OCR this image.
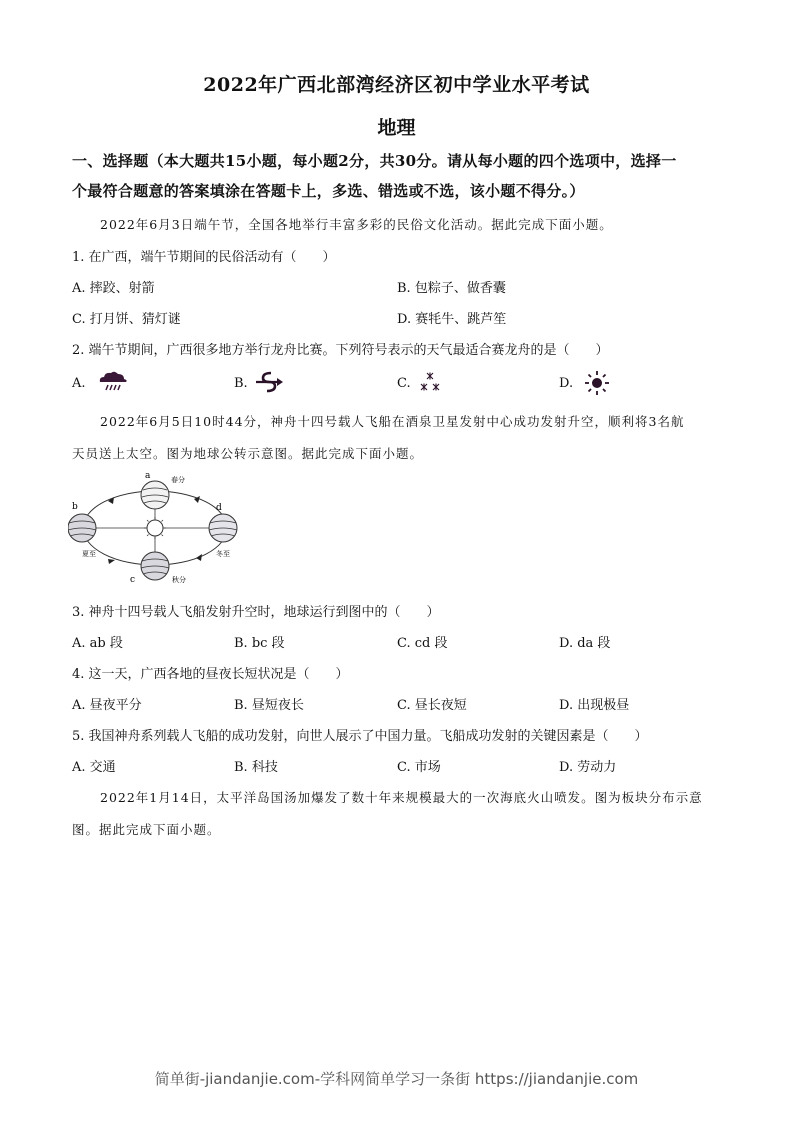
2022年广西北部湾经济区初中学业水平考试
地理
一、选择题（本大题共15小题，每小题2分，共30分。请从每小题的四个选项中，选择一
个最符合题意的答案填涂在答题卡上，多选、错选或不选，该小题不得分。）
2022年6月3日端午节，全国各地举行丰富多彩的民俗文化活动。据此完成下面小题。
1. 在广西，端午节期间的民俗活动有（　　）
A. 摔跤、射箭	B. 包粽子、做香囊
C. 打月饼、猜灯谜	D. 赛牦牛、跳芦笙
2. 端午节期间，广西很多地方举行龙舟比赛。下列符号表示的天气最适合赛龙舟的是（　　）
A.	B.	C.	D.
2022年6月5日10时44分，神舟十四号载人飞船在酒泉卫星发射中心成功发射升空，顺利将3名航
天员送上太空。图为地球公转示意图。据此完成下面小题。
a
b
c
d
春分
夏至
秋分
冬至
3. 神舟十四号载人飞船发射升空时，地球运行到图中的（　　）
A. ab 段	B. bc 段	C. cd 段	D. da 段
4. 这一天，广西各地的昼夜长短状况是（　　）
A. 昼夜平分	B. 昼短夜长	C. 昼长夜短	D. 出现极昼
5. 我国神舟系列载人飞船的成功发射，向世人展示了中国力量。飞船成功发射的关键因素是（　　）
A. 交通	B. 科技	C. 市场	D. 劳动力
2022年1月14日，太平洋岛国汤加爆发了数十年来规模最大的一次海底火山喷发。图为板块分布示意
图。据此完成下面小题。
简单街-jiandanjie.com-学科网简单学习一条街 https://jiandanjie.com
